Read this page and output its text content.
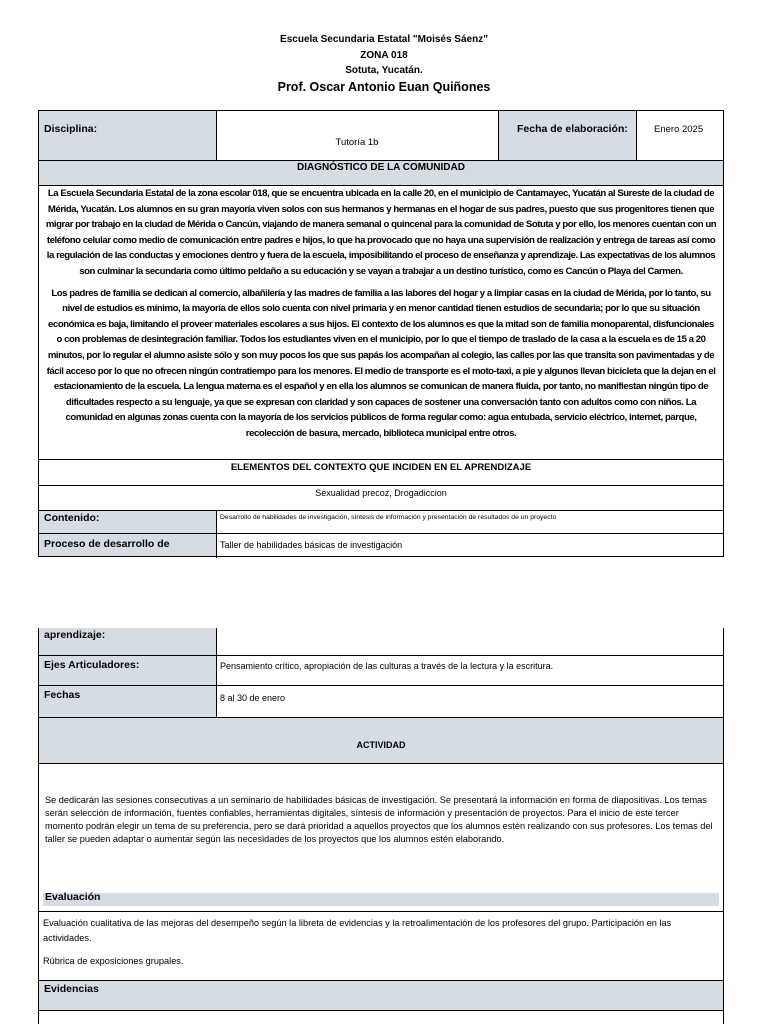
Escuela Secundaria Estatal "Moisés Sáenz"
ZONA 018
Sotuta, Yucatán.
Prof. Oscar Antonio Euan Quiñones
Disciplina:
Tutoría 1b
Fecha de elaboración:	Enero 2025
DIAGNÓSTICO DE LA COMUNIDAD

La Escuela Secundaria Estatal de la zona escolar 018, que se encuentra ubicada en la calle 20, en el municipio de Cantamayec, Yucatán al Sureste de la ciudad de Mérida, Yucatán. Los alumnos en su gran mayoría viven solos con sus hermanos y hermanas en el hogar de sus padres, puesto que sus progenitores tienen que migrar por trabajo en la ciudad de Mérida o Cancún, viajando de manera semanal o quincenal para la comunidad de Sotuta y por ello, los menores cuentan con un teléfono celular como medio de comunicación entre padres e hijos, lo que ha provocado que no haya una supervisión de realización y entrega de tareas así como la regulación de las conductas y emociones dentro y fuera de la escuela, imposibilitando el proceso de enseñanza y aprendizaje. Las expectativas de los alumnos son culminar la secundaria como último peldaño a su educación y se vayan a trabajar a un destino turístico, como es Cancún o Playa del Carmen.

Los padres de familia se dedican al comercio, albañilería y las madres de familia a las labores del hogar y a limpiar casas en la ciudad de Mérida, por lo tanto, su nivel de estudios es mínimo, la mayoría de ellos solo cuenta con nivel primaria y en menor cantidad tienen estudios de secundaria; por lo que su situación económica es baja, limitando el proveer materiales escolares a sus hijos. El contexto de los alumnos es que la mitad son de familia monoparental, disfuncionales o con problemas de desintegración familiar. Todos los estudiantes viven en el municipio, por lo que el tiempo de traslado de la casa a la escuela es de 15 a 20 minutos, por lo regular el alumno asiste sólo y son muy pocos los que sus papás los acompañan al colegio, las calles por las que transita son pavimentadas y de fácil acceso por lo que no ofrecen ningún contratiempo para los menores. El medio de transporte es el moto-taxi, a pie y algunos llevan bicicleta que la dejan en el estacionamiento de la escuela. La lengua materna es el español y en ella los alumnos se comunican de manera fluida, por tanto, no manifiestan ningún tipo de dificultades respecto a su lenguaje, ya que se expresan con claridad y son capaces de sostener una conversación tanto con adultos como con niños. La comunidad en algunas zonas cuenta con la mayoría de los servicios públicos de forma regular como: agua entubada, servicio eléctrico, internet, parque, recolección de basura, mercado, biblioteca municipal entre otros.

ELEMENTOS DEL CONTEXTO QUE INCIDEN EN EL APRENDIZAJE
Sexualidad precoz, Drogadiccion
Contenido:	Desarrollo de habilidades de investigación, síntesis de información y presentación de resultados de un proyecto
Proceso de desarrollo de	Taller de habilidades básicas de investigación
aprendizaje:
Ejes Articuladores:	Pensamiento crítico, apropiación de las culturas a través de la lectura y la escritura.
Fechas	8 al 30 de enero
ACTIVIDAD

Se dedicarán las sesiones consecutivas a un seminario de habilidades básicas de investigación. Se presentará la información en forma de diapositivas. Los temas serán selección de información, fuentes confiables, herramientas digitales, síntesis de información y presentación de proyectos. Para el inicio de este tercer momento podrán elegir un tema de su preferencia, pero se dará prioridad a aquellos proyectos que los alumnos estén realizando con sus profesores. Los temas del taller se pueden adaptar o aumentar según las necesidades de los proyectos que los alumnos estén elaborando.

Evaluación

Evaluación cualitativa de las mejoras del desempeño según la libreta de evidencias y la retroalimentación de los profesores del grupo. Participación en las actividades.

Rúbrica de exposiciones grupales.

Evidencias
